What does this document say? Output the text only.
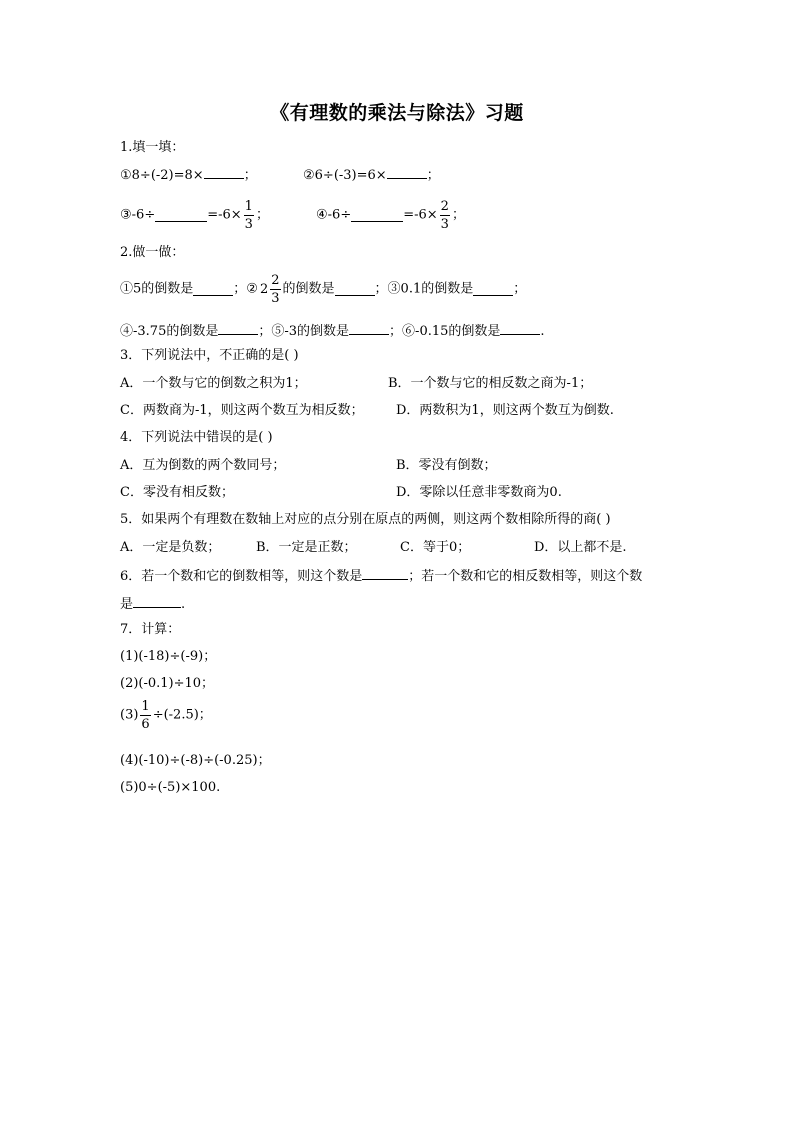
《有理数的乘法与除法》习题
1.填一填：
①8÷(-2)=8×	；	②6÷(-3)=6×	；
③-6÷	$=-6\times \frac{1}{3}$ ；	④-6÷	$=-6\times \frac{2}{3}$ ；
2.做一做：
①5的倒数是	；② $2 \frac{2}{3}$ 的倒数是	；③0.1的倒数是	；
④-3.75的倒数是	；⑤-3的倒数是	；⑥-0.15的倒数是	.
3．下列说法中，不正确的是( )
A．一个数与它的倒数之积为1；	B．一个数与它的相反数之商为-1；
C．两数商为-1，则这两个数互为相反数； D．两数积为1，则这两个数互为倒数.
4．下列说法中错误的是( )
A．互为倒数的两个数同号；	B．零没有倒数；
C．零没有相反数；	D．零除以任意非零数商为0.
5．如果两个有理数在数轴上对应的点分别在原点的两侧，则这两个数相除所得的商( )
A．一定是负数；	B．一定是正数；	C．等于0；	D．以上都不是.
6．若一个数和它的倒数相等，则这个数是	；若一个数和它的相反数相等，则这个数
是	.
7．计算：
(1)(-18)÷(-9)；
(2)(-0.1)÷10；
$(3) \frac{1}{6} \div(-2.5)$；
(4)(-10)÷(-8)÷(-0.25)；
(5)0÷(-5)×100.
